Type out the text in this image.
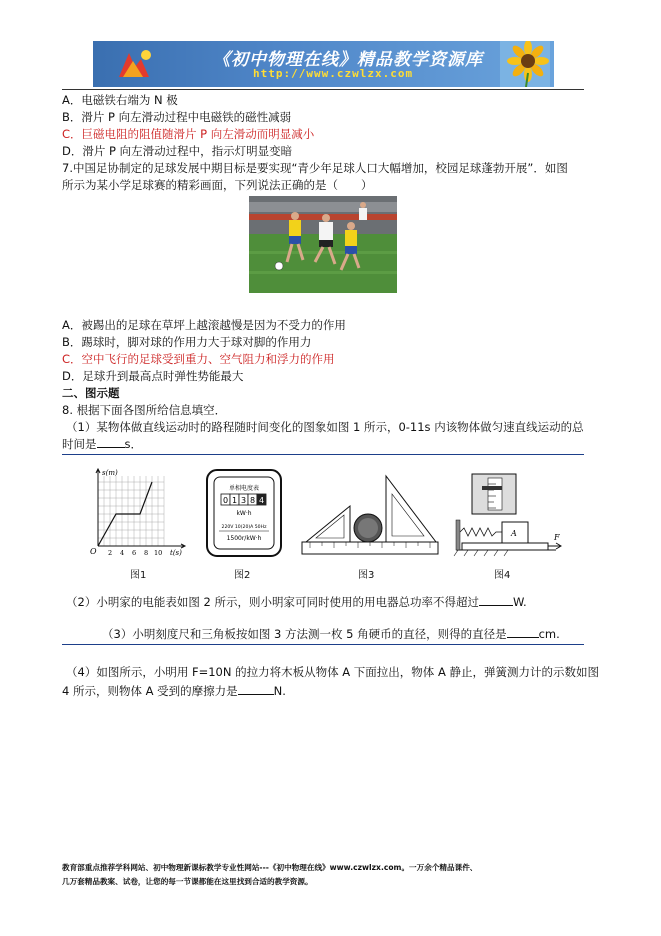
《初中物理在线》精品教学资源库
http://www.czwlzx.com
A．电磁铁右端为 N 极
B．滑片 P 向左滑动过程中电磁铁的磁性减弱
C．巨磁电阻的阻值随滑片 P 向左滑动而明显减小
D．滑片 P 向左滑动过程中，指示灯明显变暗
7.中国足协制定的足球发展中期目标是要实现“青少年足球人口大幅增加，校园足球蓬勃开展”．如图
所示为某小学足球赛的精彩画面，下列说法正确的是（　　）
A．被踢出的足球在草坪上越滚越慢是因为不受力的作用
B．踢球时，脚对球的作用力大于球对脚的作用力
C．空中飞行的足球受到重力、空气阻力和浮力的作用
D．足球升到最高点时弹性势能最大
二、图示题
8. 根据下面各图所给信息填空．
（1）某物体做直线运动时的路程随时间变化的图象如图 1 所示，0-11s 内该物体做匀速直线运动的总
时间是 s．
s(m)
t(s)
O 2 4 6 8 10
图1
单相电度表
0 1 3 8 4
kW·h
220V 10(20)A 50Hz
1500r/kW·h
图2	图3
A	F
图4
（2）小明家的电能表如图 2 所示，则小明家可同时使用的用电器总功率不得超过	W.
（3）小明刻度尺和三角板按如图 3 方法测一枚 5 角硬币的直径，则得的直径是	cm.
（4）如图所示，小明用 F=10N 的拉力将木板从物体 A 下面拉出，物体 A 静止，弹簧测力计的示数如图
4 所示，则物体 A 受到的摩擦力是	N.
教育部重点推荐学科网站、初中物理新课标教学专业性网站---《初中物理在线》www.czwlzx.com。一万余个精品课件、
几万套精品教案、试卷，让您的每一节课都能在这里找到合适的教学资源。
